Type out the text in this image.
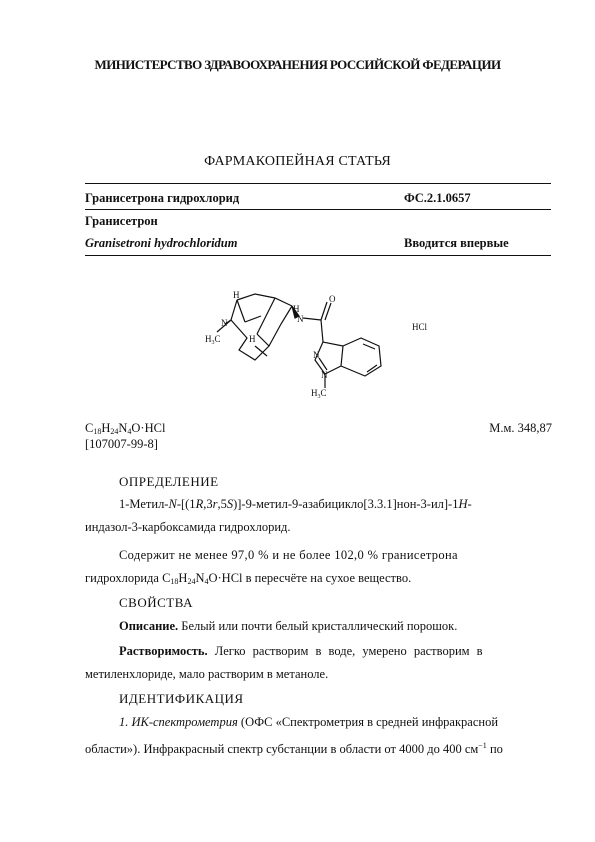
МИНИСТЕРСТВО ЗДРАВООХРАНЕНИЯ РОССИЙСКОЙ ФЕДЕРАЦИИ
ФАРМАКОПЕЙНАЯ СТАТЬЯ
Гранисетрона гидрохлорид	ФС.2.1.0657
Гранисетрон
Granisetroni hydrochloridum	Вводится впервые
H
N
$H_3C$	H
N
H
O
N
N
$H_3C$
HCl
$C_{18}H_{24}N_4O\cdot HCl$
[107007-99-8]
М.м. 348,87
ОПРЕДЕЛЕНИЕ
1-Метил-N-[(1R,3r,5S)]-9-метил-9-азабицикло[3.3.1]нон-3-ил]-1H-
индазол-3-карбоксамида гидрохлорид.
Содержит не менее 97,0 % и не более 102,0 % гранисетрона
гидрохлорида $C_{18}H_{24}N_4O\cdot HCl$ в пересчёте на сухое вещество.
СВОЙСТВА
Описание. Белый или почти белый кристаллический порошок.
Растворимость. Легко растворим в воде, умерено растворим в
метиленхлориде, мало растворим в метаноле.
ИДЕНТИФИКАЦИЯ
1. ИК-спектрометрия (ОФС «Спектрометрия в средней инфракрасной
области»). Инфракрасный спектр субстанции в области от 4000 до 400 $см^{-1}$ по
